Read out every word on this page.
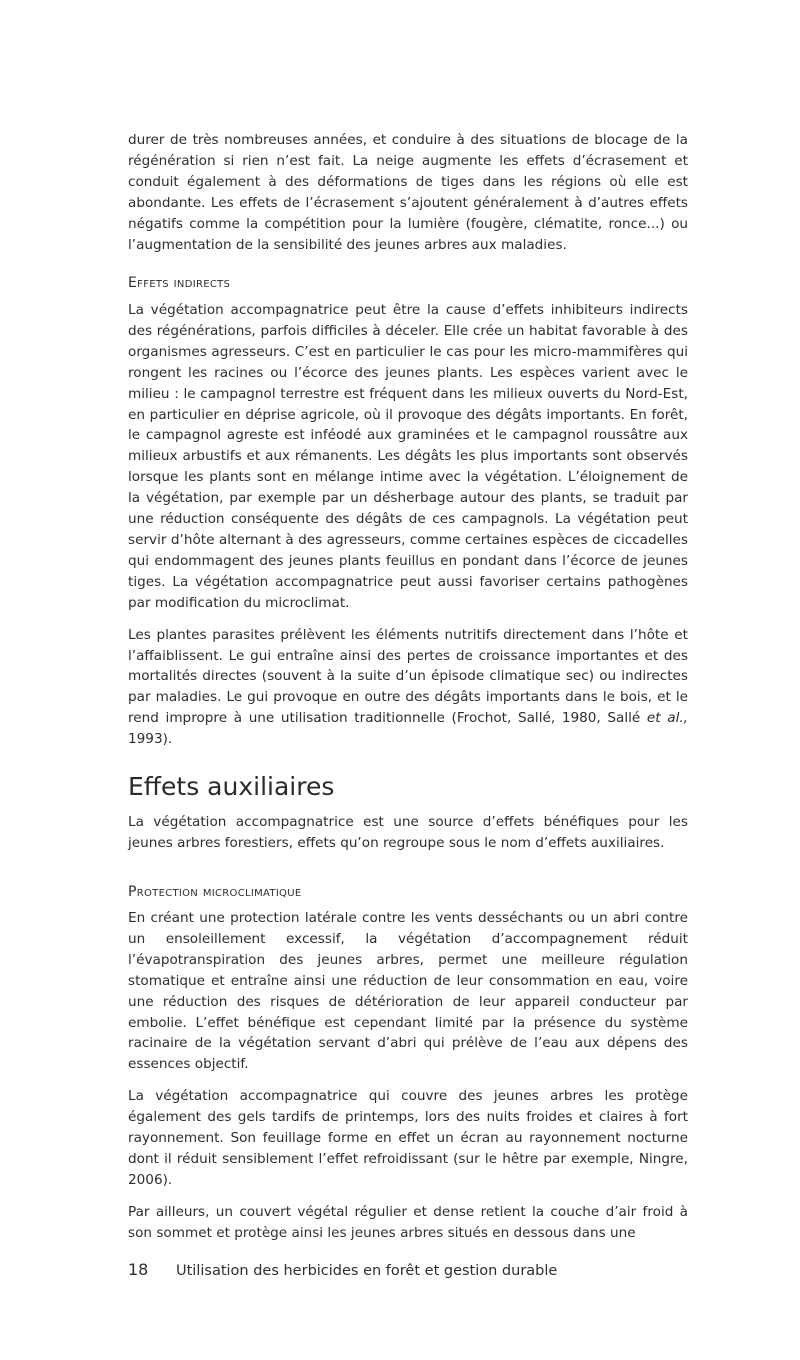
durer de très nombreuses années, et conduire à des situations de blocage de la régénération si rien n’est fait. La neige augmente les effets d’écrasement et conduit également à des déformations de tiges dans les régions où elle est abondante. Les effets de l’écrasement s’ajoutent généralement à d’autres effets négatifs comme la compétition pour la lumière (fougère, clématite, ronce...) ou l’augmentation de la sensibilité des jeunes arbres aux maladies.

Effets indirects

La végétation accompagnatrice peut être la cause d’effets inhibiteurs indirects des régénérations, parfois difficiles à déceler. Elle crée un habitat favorable à des organismes agresseurs. C’est en particulier le cas pour les micro-mammifères qui rongent les racines ou l’écorce des jeunes plants. Les espèces varient avec le milieu : le campagnol terrestre est fréquent dans les milieux ouverts du Nord-Est, en particulier en déprise agricole, où il provoque des dégâts importants. En forêt, le campagnol agreste est inféodé aux graminées et le campagnol roussâtre aux milieux arbustifs et aux rémanents. Les dégâts les plus importants sont observés lorsque les plants sont en mélange intime avec la végétation. L’éloignement de la végétation, par exemple par un désherbage autour des plants, se traduit par une réduction conséquente des dégâts de ces campagnols. La végétation peut servir d’hôte alternant à des agresseurs, comme certaines espèces de ciccadelles qui endommagent des jeunes plants feuillus en pondant dans l’écorce de jeunes tiges. La végétation accompagnatrice peut aussi favoriser certains pathogènes par modification du microclimat.

Les plantes parasites prélèvent les éléments nutritifs directement dans l’hôte et l’affaiblissent. Le gui entraîne ainsi des pertes de croissance importantes et des mortalités directes (souvent à la suite d’un épisode climatique sec) ou indirectes par maladies. Le gui provoque en outre des dégâts importants dans le bois, et le rend impropre à une utilisation traditionnelle (Frochot, Sallé, 1980, Sallé et al., 1993).

Effets auxiliaires

La végétation accompagnatrice est une source d’effets bénéfiques pour les jeunes arbres forestiers, effets qu’on regroupe sous le nom d’effets auxiliaires.

Protection microclimatique

En créant une protection latérale contre les vents desséchants ou un abri contre un ensoleillement excessif, la végétation d’accompagnement réduit l’évapotranspiration des jeunes arbres, permet une meilleure régulation stomatique et entraîne ainsi une réduction de leur consommation en eau, voire une réduction des risques de détérioration de leur appareil conducteur par embolie. L’effet bénéfique est cependant limité par la présence du système racinaire de la végétation servant d’abri qui prélève de l’eau aux dépens des essences objectif.

La végétation accompagnatrice qui couvre des jeunes arbres les protège également des gels tardifs de printemps, lors des nuits froides et claires à fort rayonnement. Son feuillage forme en effet un écran au rayonnement nocturne dont il réduit sensiblement l’effet refroidissant (sur le hêtre par exemple, Ningre, 2006).

Par ailleurs, un couvert végétal régulier et dense retient la couche d’air froid à son sommet et protège ainsi les jeunes arbres situés en dessous dans une

18 Utilisation des herbicides en forêt et gestion durable
